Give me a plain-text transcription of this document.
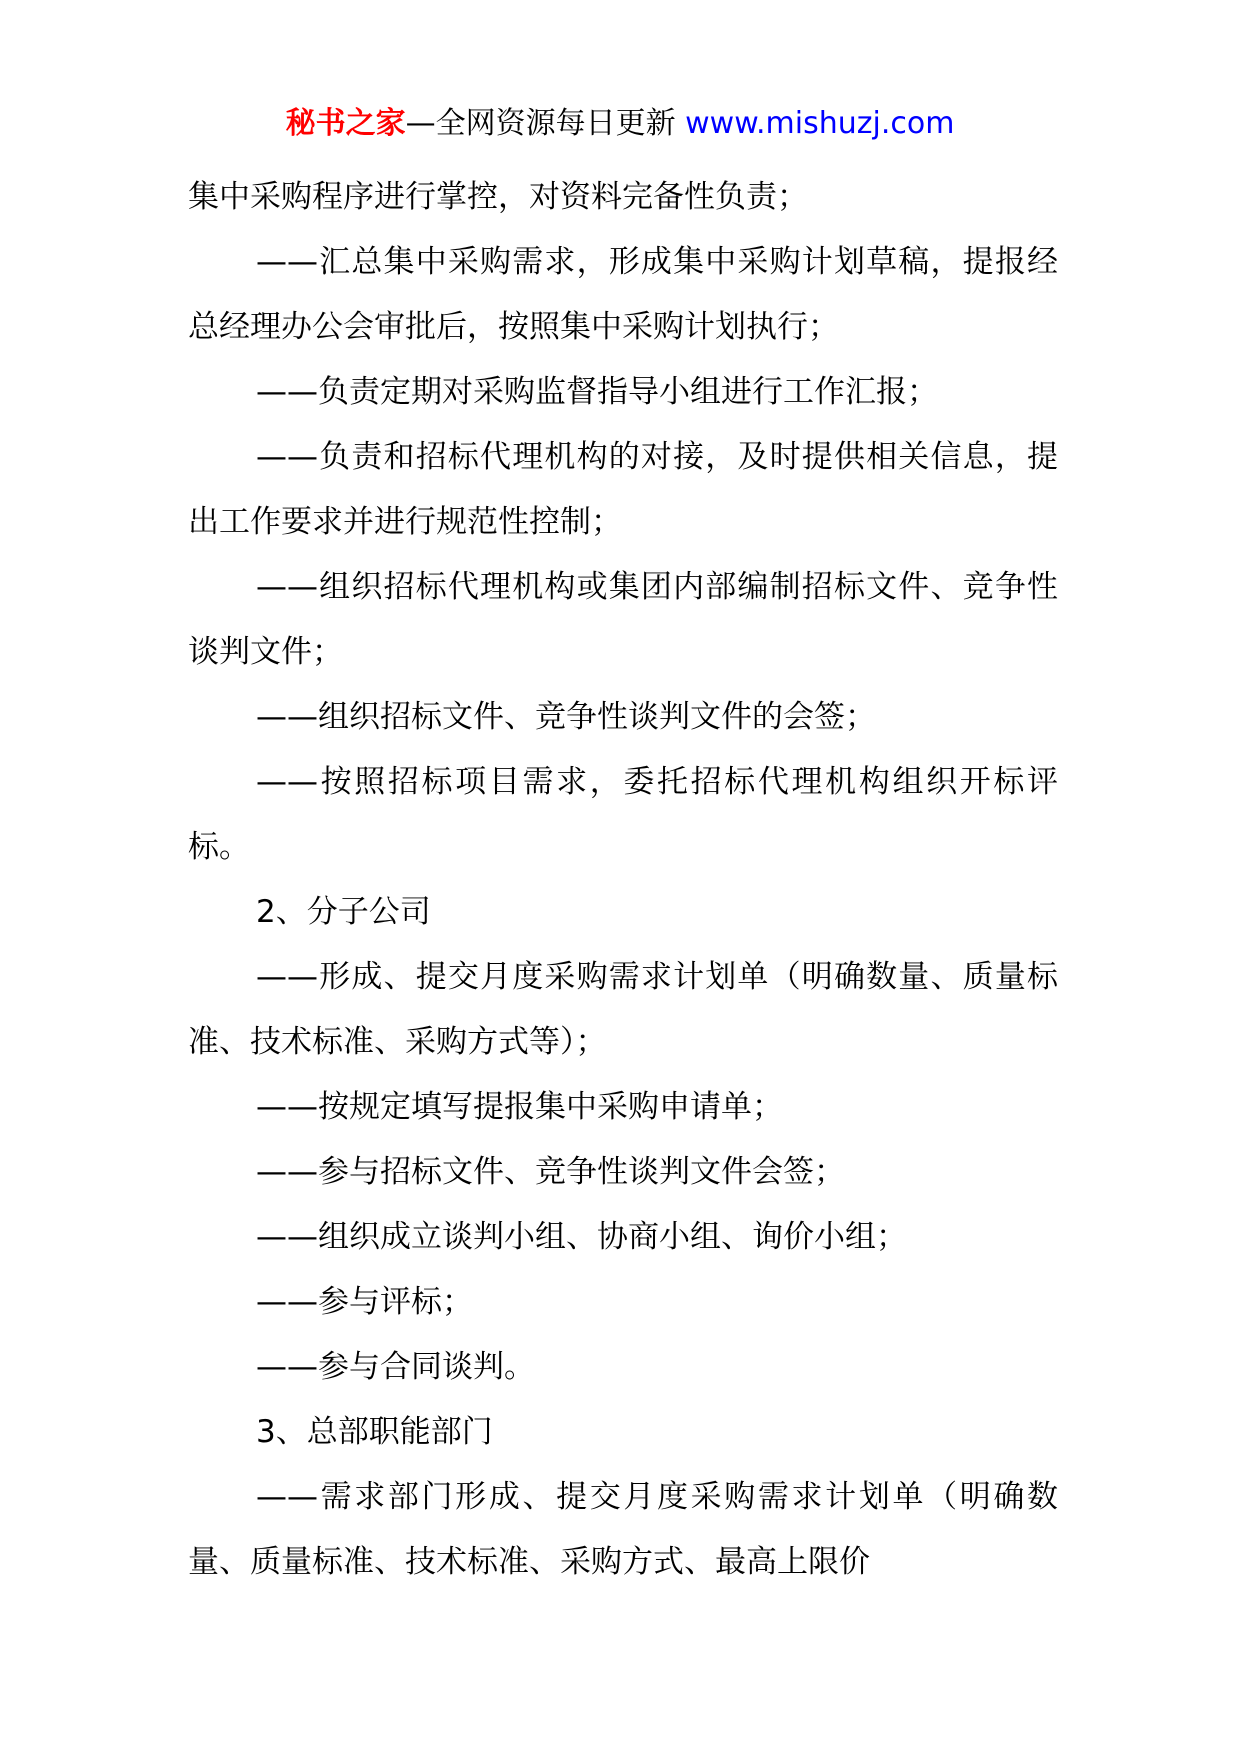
秘书之家—全网资源每日更新 www.mishuzj.com

集中采购程序进行掌控，对资料完备性负责；

——汇总集中采购需求，形成集中采购计划草稿，提报经总经理办公会审批后，按照集中采购计划执行；

——负责定期对采购监督指导小组进行工作汇报；

——负责和招标代理机构的对接，及时提供相关信息，提出工作要求并进行规范性控制；

——组织招标代理机构或集团内部编制招标文件、竞争性谈判文件；

——组织招标文件、竞争性谈判文件的会签；

——按照招标项目需求，委托招标代理机构组织开标评标。

2、分子公司

——形成、提交月度采购需求计划单（明确数量、质量标准、技术标准、采购方式等）；

——按规定填写提报集中采购申请单；

——参与招标文件、竞争性谈判文件会签；

——组织成立谈判小组、协商小组、询价小组；

——参与评标；

——参与合同谈判。

3、总部职能部门

——需求部门形成、提交月度采购需求计划单（明确数量、质量标准、技术标准、采购方式、最高上限价
